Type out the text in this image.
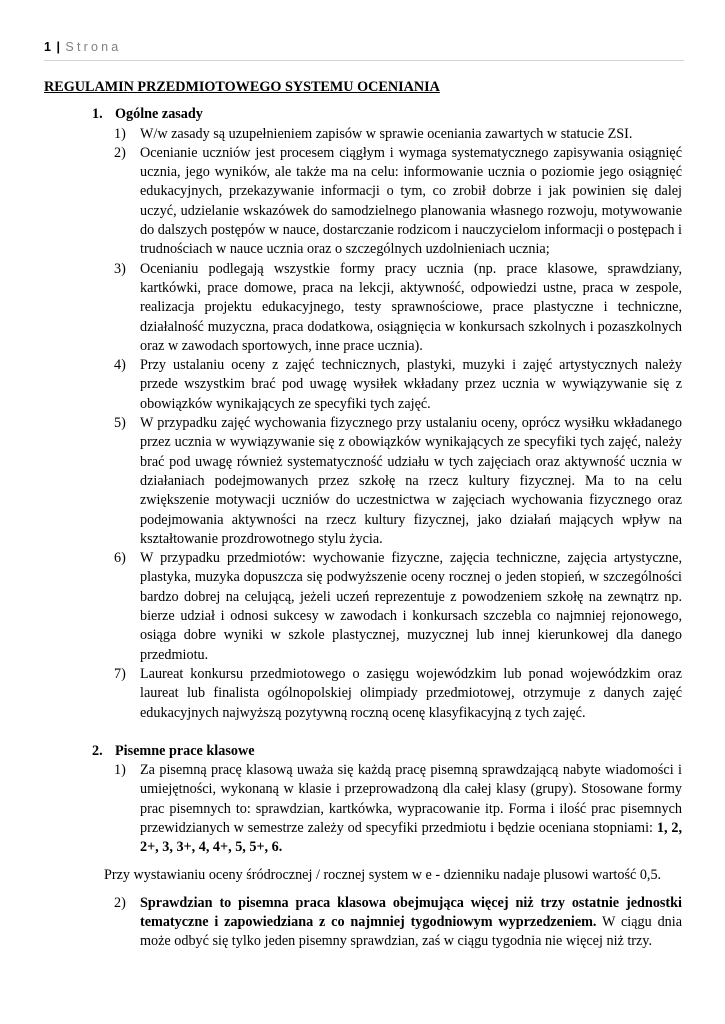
1 | Strona

REGULAMIN PRZEDMIOTOWEGO SYSTEMU OCENIANIA

1. Ogólne zasady

1) W/w zasady są uzupełnieniem zapisów w sprawie oceniania zawartych w statucie ZSI.
2) Ocenianie uczniów jest procesem ciągłym i wymaga systematycznego zapisywania osiągnięć ucznia, jego wyników, ale także ma na celu: informowanie ucznia o poziomie jego osiągnięć edukacyjnych, przekazywanie informacji o tym, co zrobił dobrze i jak powinien się dalej uczyć, udzielanie wskazówek do samodzielnego planowania własnego rozwoju, motywowanie do dalszych postępów w nauce, dostarczanie rodzicom i nauczycielom informacji o postępach i trudnościach w nauce ucznia oraz o szczególnych uzdolnieniach ucznia;
3) Ocenianiu podlegają wszystkie formy pracy ucznia (np. prace klasowe, sprawdziany, kartkówki, prace domowe, praca na lekcji, aktywność, odpowiedzi ustne, praca w zespole, realizacja projektu edukacyjnego, testy sprawnościowe, prace plastyczne i techniczne, działalność muzyczna, praca dodatkowa, osiągnięcia w konkursach szkolnych i pozaszkolnych oraz w zawodach sportowych, inne prace ucznia).
4) Przy ustalaniu oceny z zajęć technicznych, plastyki, muzyki i zajęć artystycznych należy przede wszystkim brać pod uwagę wysiłek wkładany przez ucznia w wywiązywanie się z obowiązków wynikających ze specyfiki tych zajęć.
5) W przypadku zajęć wychowania fizycznego przy ustalaniu oceny, oprócz wysiłku wkładanego przez ucznia w wywiązywanie się z obowiązków wynikających ze specyfiki tych zajęć, należy brać pod uwagę również systematyczność udziału w tych zajęciach oraz aktywność ucznia w działaniach podejmowanych przez szkołę na rzecz kultury fizycznej. Ma to na celu zwiększenie motywacji uczniów do uczestnictwa w zajęciach wychowania fizycznego oraz podejmowania aktywności na rzecz kultury fizycznej, jako działań mających wpływ na kształtowanie prozdrowotnego stylu życia.
6) W przypadku przedmiotów: wychowanie fizyczne, zajęcia techniczne, zajęcia artystyczne, plastyka, muzyka dopuszcza się podwyższenie oceny rocznej o jeden stopień, w szczególności bardzo dobrej na celującą, jeżeli uczeń reprezentuje z powodzeniem szkołę na zewnątrz np. bierze udział i odnosi sukcesy w zawodach i konkursach szczebla co najmniej rejonowego, osiąga dobre wyniki w szkole plastycznej, muzycznej lub innej kierunkowej dla danego przedmiotu.
7) Laureat konkursu przedmiotowego o zasięgu wojewódzkim lub ponad wojewódzkim oraz laureat lub finalista ogólnopolskiej olimpiady przedmiotowej, otrzymuje z danych zajęć edukacyjnych najwyższą pozytywną roczną ocenę klasyfikacyjną z tych zajęć.

2. Pisemne prace klasowe

1) Za pisemną pracę klasową uważa się każdą pracę pisemną sprawdzającą nabyte wiadomości i umiejętności, wykonaną w klasie i przeprowadzoną dla całej klasy (grupy). Stosowane formy prac pisemnych to: sprawdzian, kartkówka, wypracowanie itp. Forma i ilość prac pisemnych przewidzianych w semestrze zależy od specyfiki przedmiotu i będzie oceniana stopniami: 1, 2, 2+, 3, 3+, 4, 4+, 5, 5+, 6.

Przy wystawianiu oceny śródrocznej / rocznej system w e - dzienniku nadaje plusowi wartość 0,5.

2) Sprawdzian to pisemna praca klasowa obejmująca więcej niż trzy ostatnie jednostki tematyczne i zapowiedziana z co najmniej tygodniowym wyprzedzeniem. W ciągu dnia może odbyć się tylko jeden pisemny sprawdzian, zaś w ciągu tygodnia nie więcej niż trzy.
